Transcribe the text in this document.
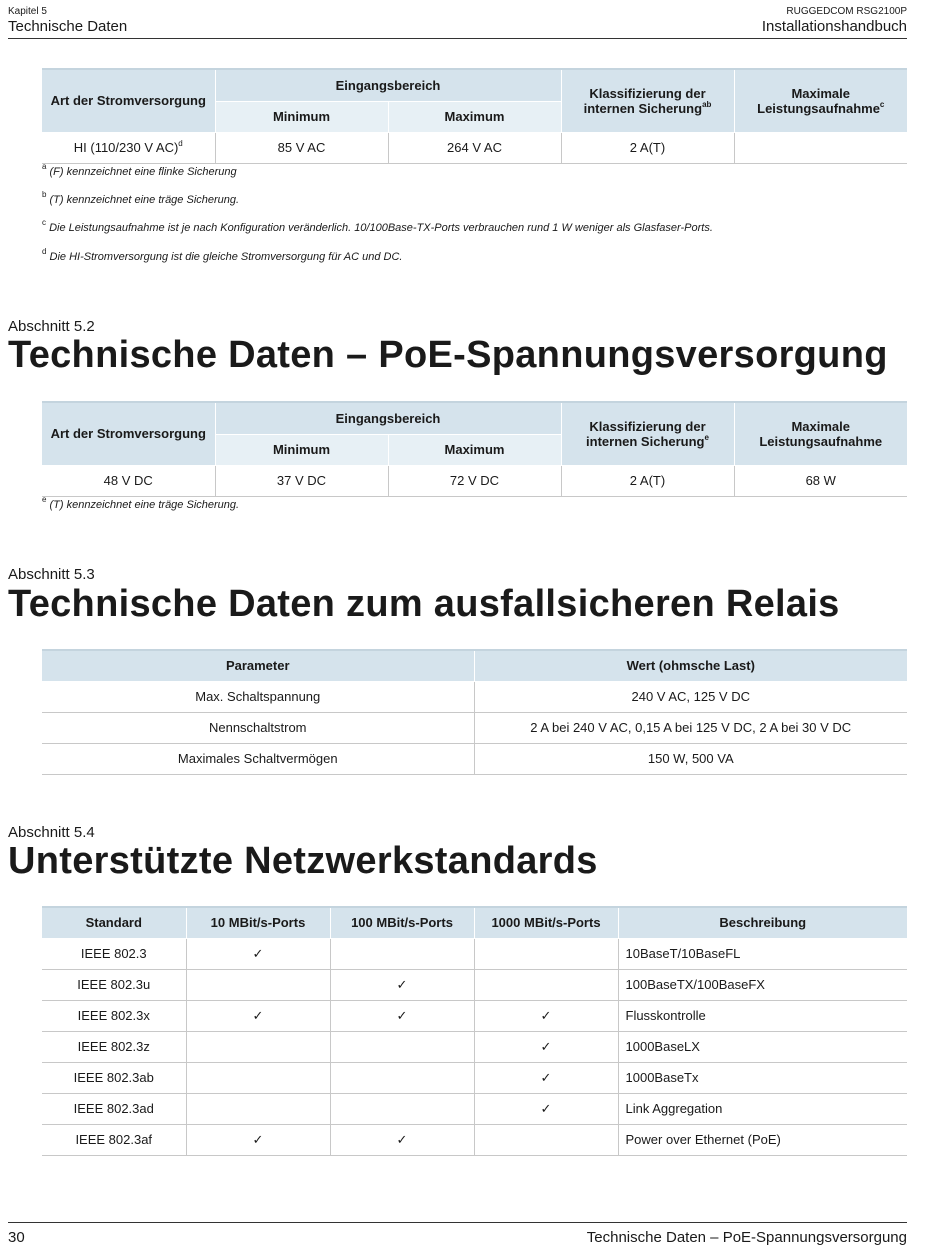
Kapitel 5
Technische Daten
RUGGEDCOM RSG2100P
Installationshandbuch
Art der Stromversorgung	Eingangsbereich		Klassifizierung der internen Sicherung$^{ab}$	Maximale Leistungsaufnahme$^c$
	Minimum	Maximum		
HI (110/230 V AC)$^d$	85 V AC	264 V AC	2 A(T)	
$^a$ (F) kennzeichnet eine flinke Sicherung
$^b$ (T) kennzeichnet eine träge Sicherung.
$^c$ Die Leistungsaufnahme ist je nach Konfiguration veränderlich. 10/100Base-TX-Ports verbrauchen rund 1 W weniger als Glasfaser-Ports.
$^d$ Die HI-Stromversorgung ist die gleiche Stromversorgung für AC und DC.
Abschnitt 5.2
Technische Daten – PoE-Spannungsversorgung
Art der Stromversorgung	Eingangsbereich		Klassifizierung der internen Sicherung$^e$	Maximale Leistungsaufnahme
	Minimum	Maximum		
48 V DC	37 V DC	72 V DC	2 A(T)	68 W
$^e$ (T) kennzeichnet eine träge Sicherung.
Abschnitt 5.3
Technische Daten zum ausfallsicheren Relais
Parameter	Wert (ohmsche Last)
Max. Schaltspannung	240 V AC, 125 V DC
Nennschaltstrom	2 A bei 240 V AC, 0,15 A bei 125 V DC, 2 A bei 30 V DC
Maximales Schaltvermögen	150 W, 500 VA
Abschnitt 5.4
Unterstützte Netzwerkstandards
Standard	10 MBit/s-Ports	100 MBit/s-Ports	1000 MBit/s-Ports	Beschreibung
IEEE 802.3	✓			10BaseT/10BaseFL
IEEE 802.3u		✓		100BaseTX/100BaseFX
IEEE 802.3x	✓	✓	✓	Flusskontrolle
IEEE 802.3z			✓	1000BaseLX
IEEE 802.3ab			✓	1000BaseTx
IEEE 802.3ad			✓	Link Aggregation
IEEE 802.3af	✓	✓		Power over Ethernet (PoE)
30	Technische Daten – PoE-Spannungsversorgung
